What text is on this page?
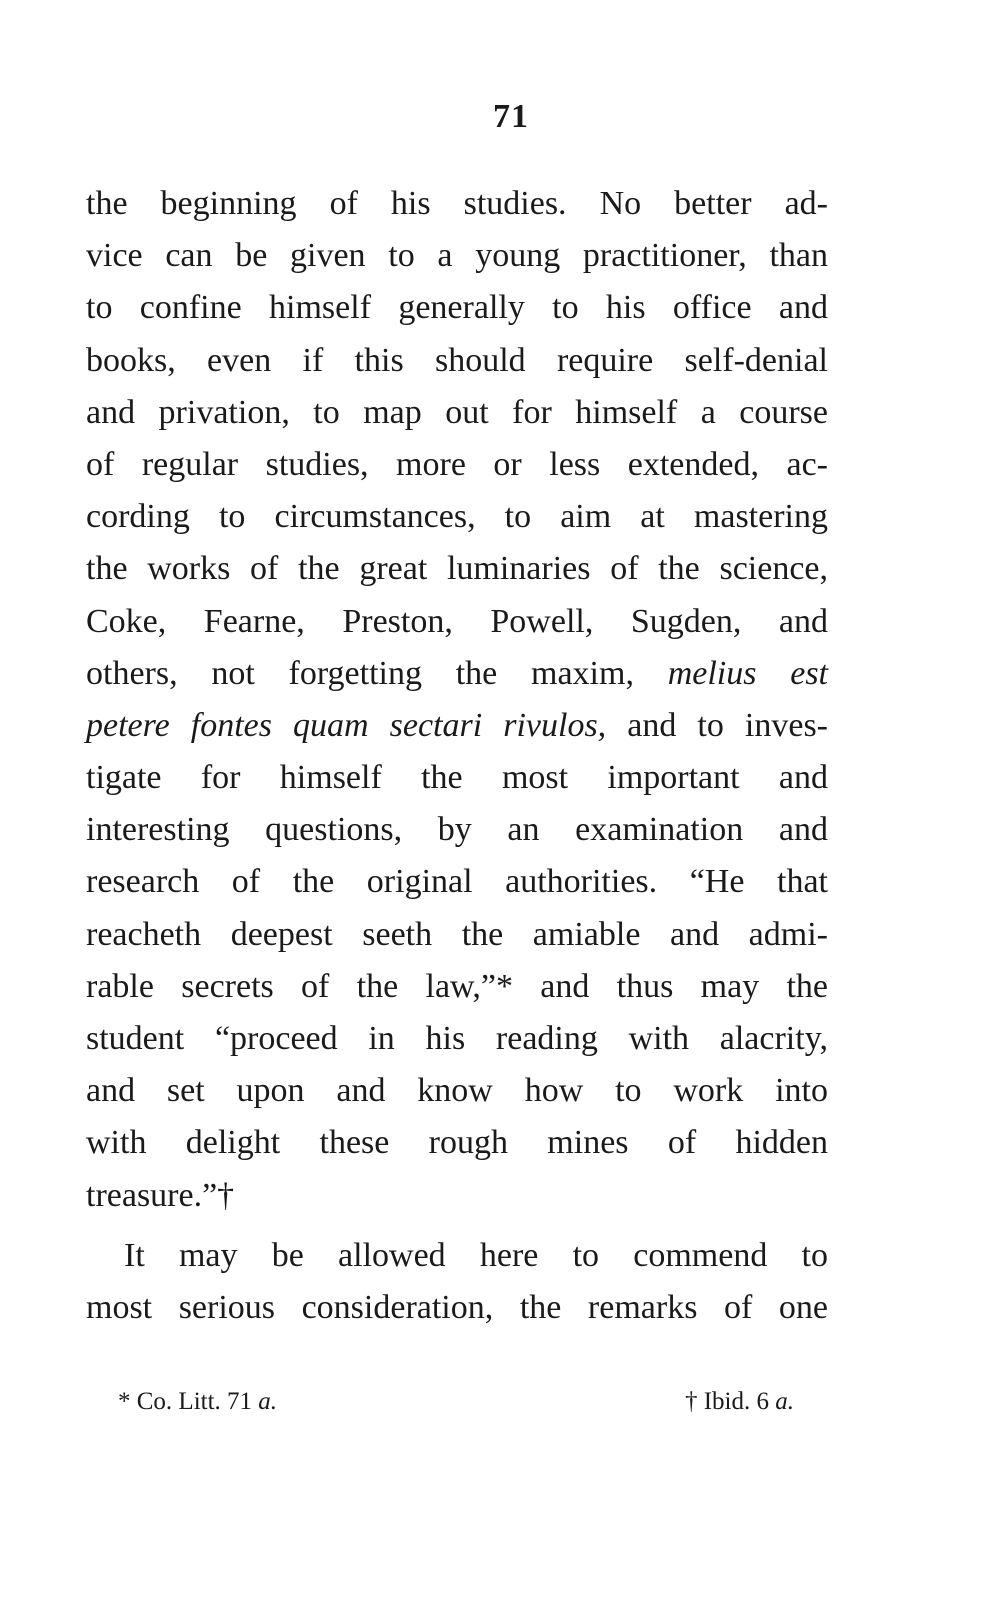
71
the beginning of his studies. No better ad-
vice can be given to a young practitioner, than
to confine himself generally to his office and
books, even if this should require self-denial
and privation, to map out for himself a course
of regular studies, more or less extended, ac-
cording to circumstances, to aim at mastering
the works of the great luminaries of the science,
Coke, Fearne, Preston, Powell, Sugden, and
others, not forgetting the maxim, melius est
petere fontes quam sectari rivulos, and to inves-
tigate for himself the most important and
interesting questions, by an examination and
research of the original authorities. “He that
reacheth deepest seeth the amiable and admi-
rable secrets of the law,”* and thus may the
student “proceed in his reading with alacrity,
and set upon and know how to work into
with delight these rough mines of hidden
treasure.”†
It may be allowed here to commend to
most serious consideration, the remarks of one
* Co. Litt. 71 a.	† Ibid. 6 a.
